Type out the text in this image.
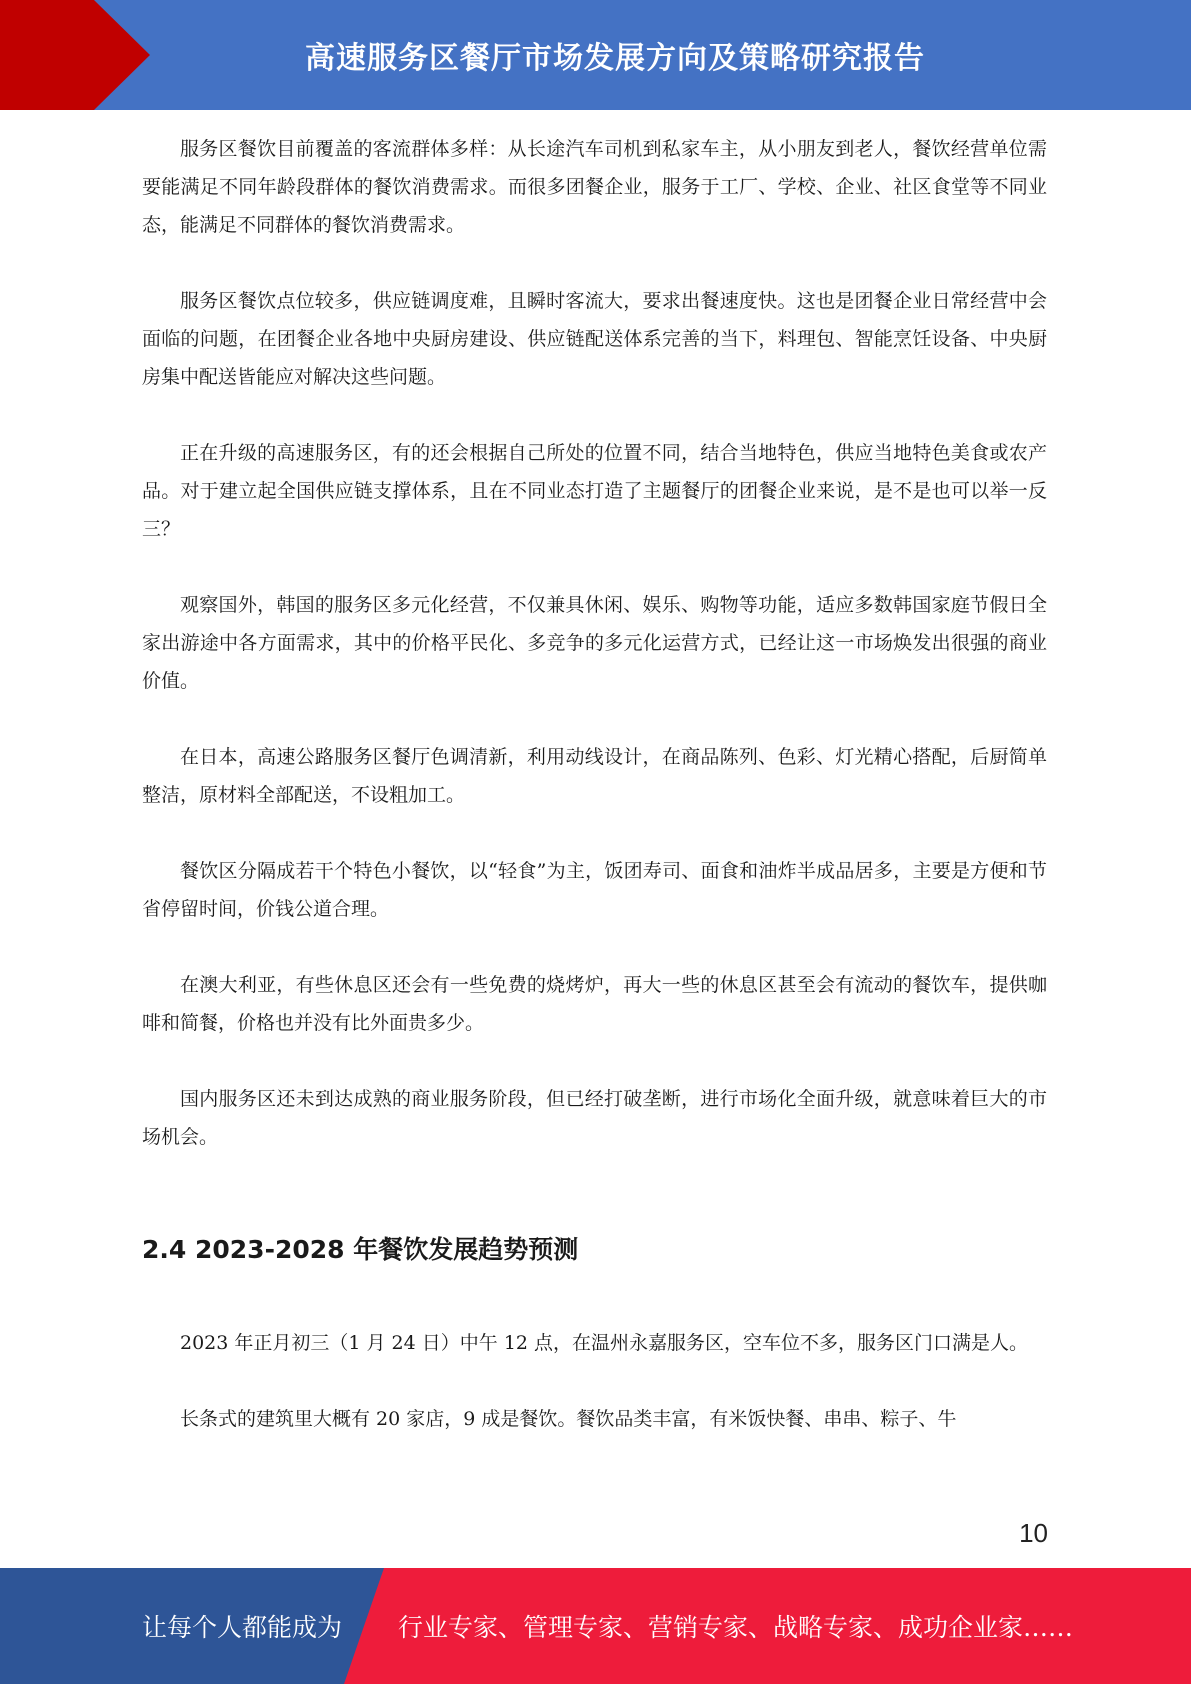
高速服务区餐厅市场发展方向及策略研究报告

服务区餐饮目前覆盖的客流群体多样：从长途汽车司机到私家车主，从小朋友到老人，餐饮经营单位需要能满足不同年龄段群体的餐饮消费需求。而很多团餐企业，服务于工厂、学校、企业、社区食堂等不同业态，能满足不同群体的餐饮消费需求。

服务区餐饮点位较多，供应链调度难，且瞬时客流大，要求出餐速度快。这也是团餐企业日常经营中会面临的问题，在团餐企业各地中央厨房建设、供应链配送体系完善的当下，料理包、智能烹饪设备、中央厨房集中配送皆能应对解决这些问题。

正在升级的高速服务区，有的还会根据自己所处的位置不同，结合当地特色，供应当地特色美食或农产品。对于建立起全国供应链支撑体系，且在不同业态打造了主题餐厅的团餐企业来说，是不是也可以举一反三？

观察国外，韩国的服务区多元化经营，不仅兼具休闲、娱乐、购物等功能，适应多数韩国家庭节假日全家出游途中各方面需求，其中的价格平民化、多竞争的多元化运营方式，已经让这一市场焕发出很强的商业价值。

在日本，高速公路服务区餐厅色调清新，利用动线设计，在商品陈列、色彩、灯光精心搭配，后厨简单整洁，原材料全部配送，不设粗加工。

餐饮区分隔成若干个特色小餐饮，以“轻食”为主，饭团寿司、面食和油炸半成品居多，主要是方便和节省停留时间，价钱公道合理。

在澳大利亚，有些休息区还会有一些免费的烧烤炉，再大一些的休息区甚至会有流动的餐饮车，提供咖啡和简餐，价格也并没有比外面贵多少。

国内服务区还未到达成熟的商业服务阶段，但已经打破垄断，进行市场化全面升级，就意味着巨大的市场机会。

2.4 2023-2028 年餐饮发展趋势预测

2023 年正月初三（1 月 24 日）中午 12 点，在温州永嘉服务区，空车位不多，服务区门口满是人。

长条式的建筑里大概有 20 家店，9 成是餐饮。餐饮品类丰富，有米饭快餐、串串、粽子、牛

10
让每个人都能成为 行业专家、管理专家、营销专家、战略专家、成功企业家……
